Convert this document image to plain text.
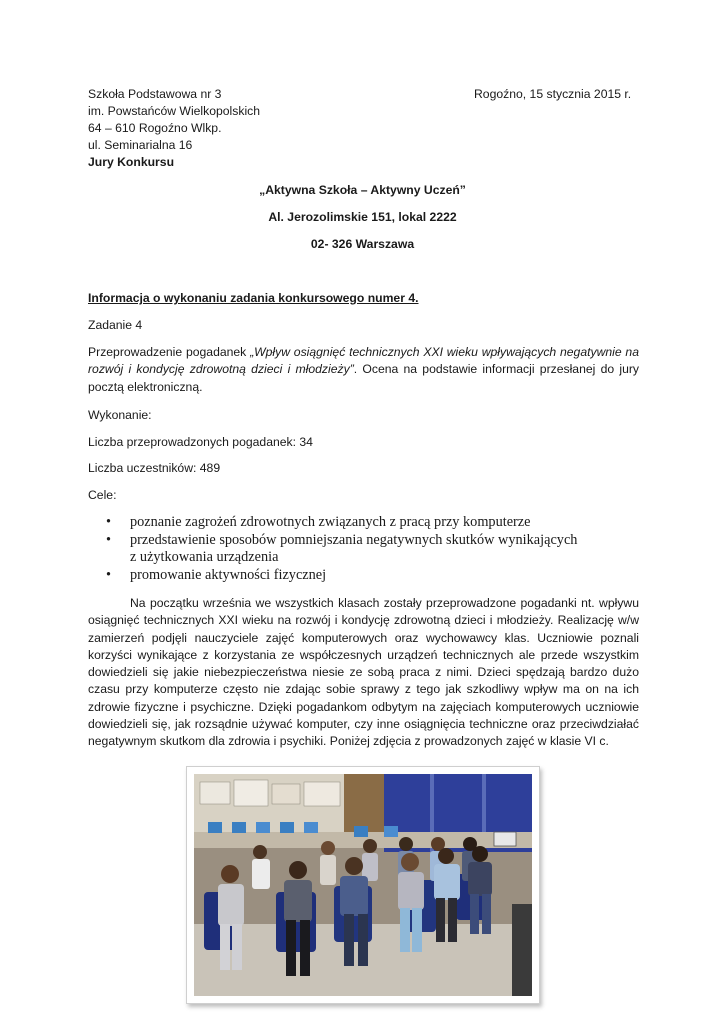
Szkoła Podstawowa nr 3
im. Powstańców Wielkopolskich
64 – 610 Rogoźno Wlkp.
ul. Seminarialna 16
Rogoźno, 15 stycznia 2015 r.
Jury Konkursu
„Aktywna Szkoła – Aktywny Uczeń”
Al. Jerozolimskie 151, lokal 2222
02- 326 Warszawa
Informacja o wykonaniu zadania konkursowego numer 4.
Zadanie 4
Przeprowadzenie pogadanek „Wpływ osiągnięć technicznych XXI wieku wpływających negatywnie na rozwój i kondycję zdrowotną dzieci i młodzieży”. Ocena na podstawie informacji przesłanej do jury pocztą elektroniczną.
Wykonanie:
Liczba przeprowadzonych pogadanek: 34
Liczba uczestników: 489
Cele:
• poznanie zagrożeń zdrowotnych związanych z pracą przy komputerze
• przedstawienie sposobów pomniejszania negatywnych skutków wynikających
z użytkowania urządzenia
• promowanie aktywności fizycznej
Na początku września we wszystkich klasach zostały przeprowadzone pogadanki nt. wpływu osiągnięć technicznych XXI wieku na rozwój i kondycję zdrowotną dzieci i młodzieży. Realizację w/w zamierzeń podjęli nauczyciele zajęć komputerowych oraz wychowawcy klas. Uczniowie poznali korzyści wynikające z korzystania ze współczesnych urządzeń technicznych ale przede wszystkim dowiedzieli się jakie niebezpieczeństwa niesie ze sobą praca z nimi. Dzieci spędzają bardzo dużo czasu przy komputerze często nie zdając sobie sprawy z tego jak szkodliwy wpływ ma on na ich zdrowie fizyczne i psychiczne. Dzięki pogadankom odbytym na zajęciach komputerowych uczniowie dowiedzieli się, jak rozsądnie używać komputer, czy inne osiągnięcia techniczne oraz przeciwdziałać negatywnym skutkom dla zdrowia i psychiki. Poniżej zdjęcia z prowadzonych zajęć w klasie VI c.
